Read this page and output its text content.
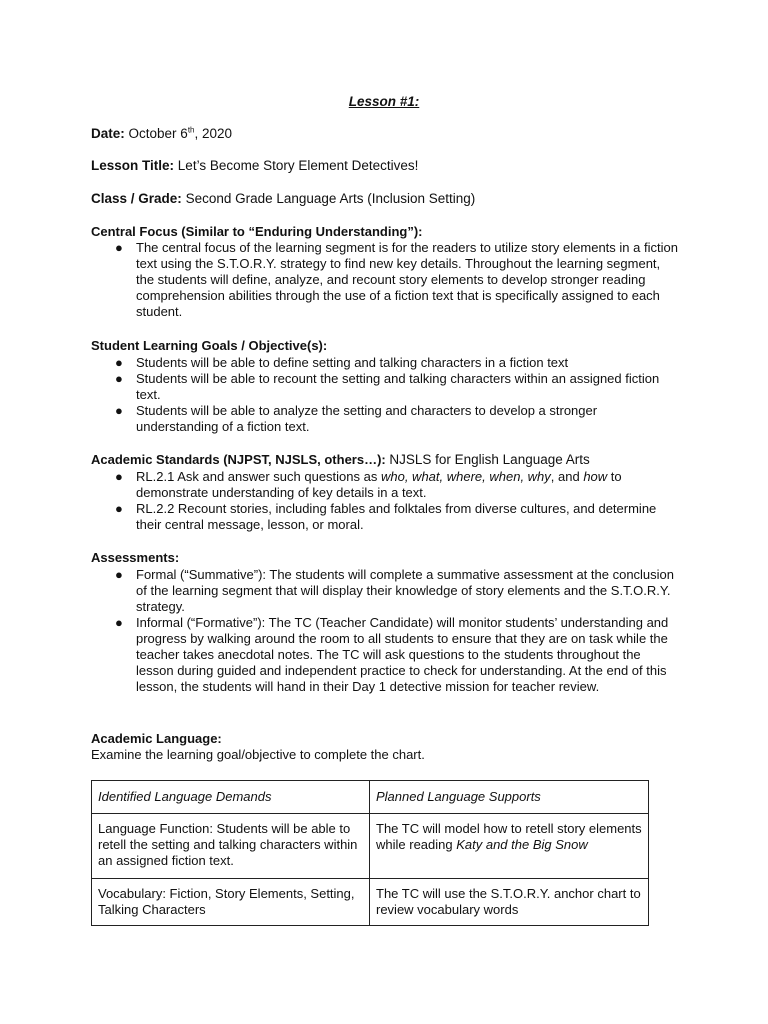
Lesson #1:
Date: October 6th, 2020
Lesson Title: Let’s Become Story Element Detectives!
Class / Grade: Second Grade Language Arts (Inclusion Setting)
Central Focus (Similar to “Enduring Understanding”):
● The central focus of the learning segment is for the readers to utilize story elements in a fiction text using the S.T.O.R.Y. strategy to find new key details. Throughout the learning segment, the students will define, analyze, and recount story elements to develop stronger reading comprehension abilities through the use of a fiction text that is specifically assigned to each student.
Student Learning Goals / Objective(s):
● Students will be able to define setting and talking characters in a fiction text
● Students will be able to recount the setting and talking characters within an assigned fiction text.
● Students will be able to analyze the setting and characters to develop a stronger understanding of a fiction text.
Academic Standards (NJPST, NJSLS, others…): NJSLS for English Language Arts
● RL.2.1 Ask and answer such questions as who, what, where, when, why, and how to demonstrate understanding of key details in a text.
● RL.2.2 Recount stories, including fables and folktales from diverse cultures, and determine their central message, lesson, or moral.
Assessments:
● Formal (“Summative”): The students will complete a summative assessment at the conclusion of the learning segment that will display their knowledge of story elements and the S.T.O.R.Y. strategy.
● Informal (“Formative”): The TC (Teacher Candidate) will monitor students’ understanding and progress by walking around the room to all students to ensure that they are on task while the teacher takes anecdotal notes. The TC will ask questions to the students throughout the lesson during guided and independent practice to check for understanding. At the end of this lesson, the students will hand in their Day 1 detective mission for teacher review.
Academic Language:
Examine the learning goal/objective to complete the chart.
Identified Language Demands	Planned Language Supports
Language Function: Students will be able to retell the setting and talking characters within an assigned fiction text.	The TC will model how to retell story elements while reading Katy and the Big Snow
Vocabulary: Fiction, Story Elements, Setting, Talking Characters	The TC will use the S.T.O.R.Y. anchor chart to review vocabulary words
